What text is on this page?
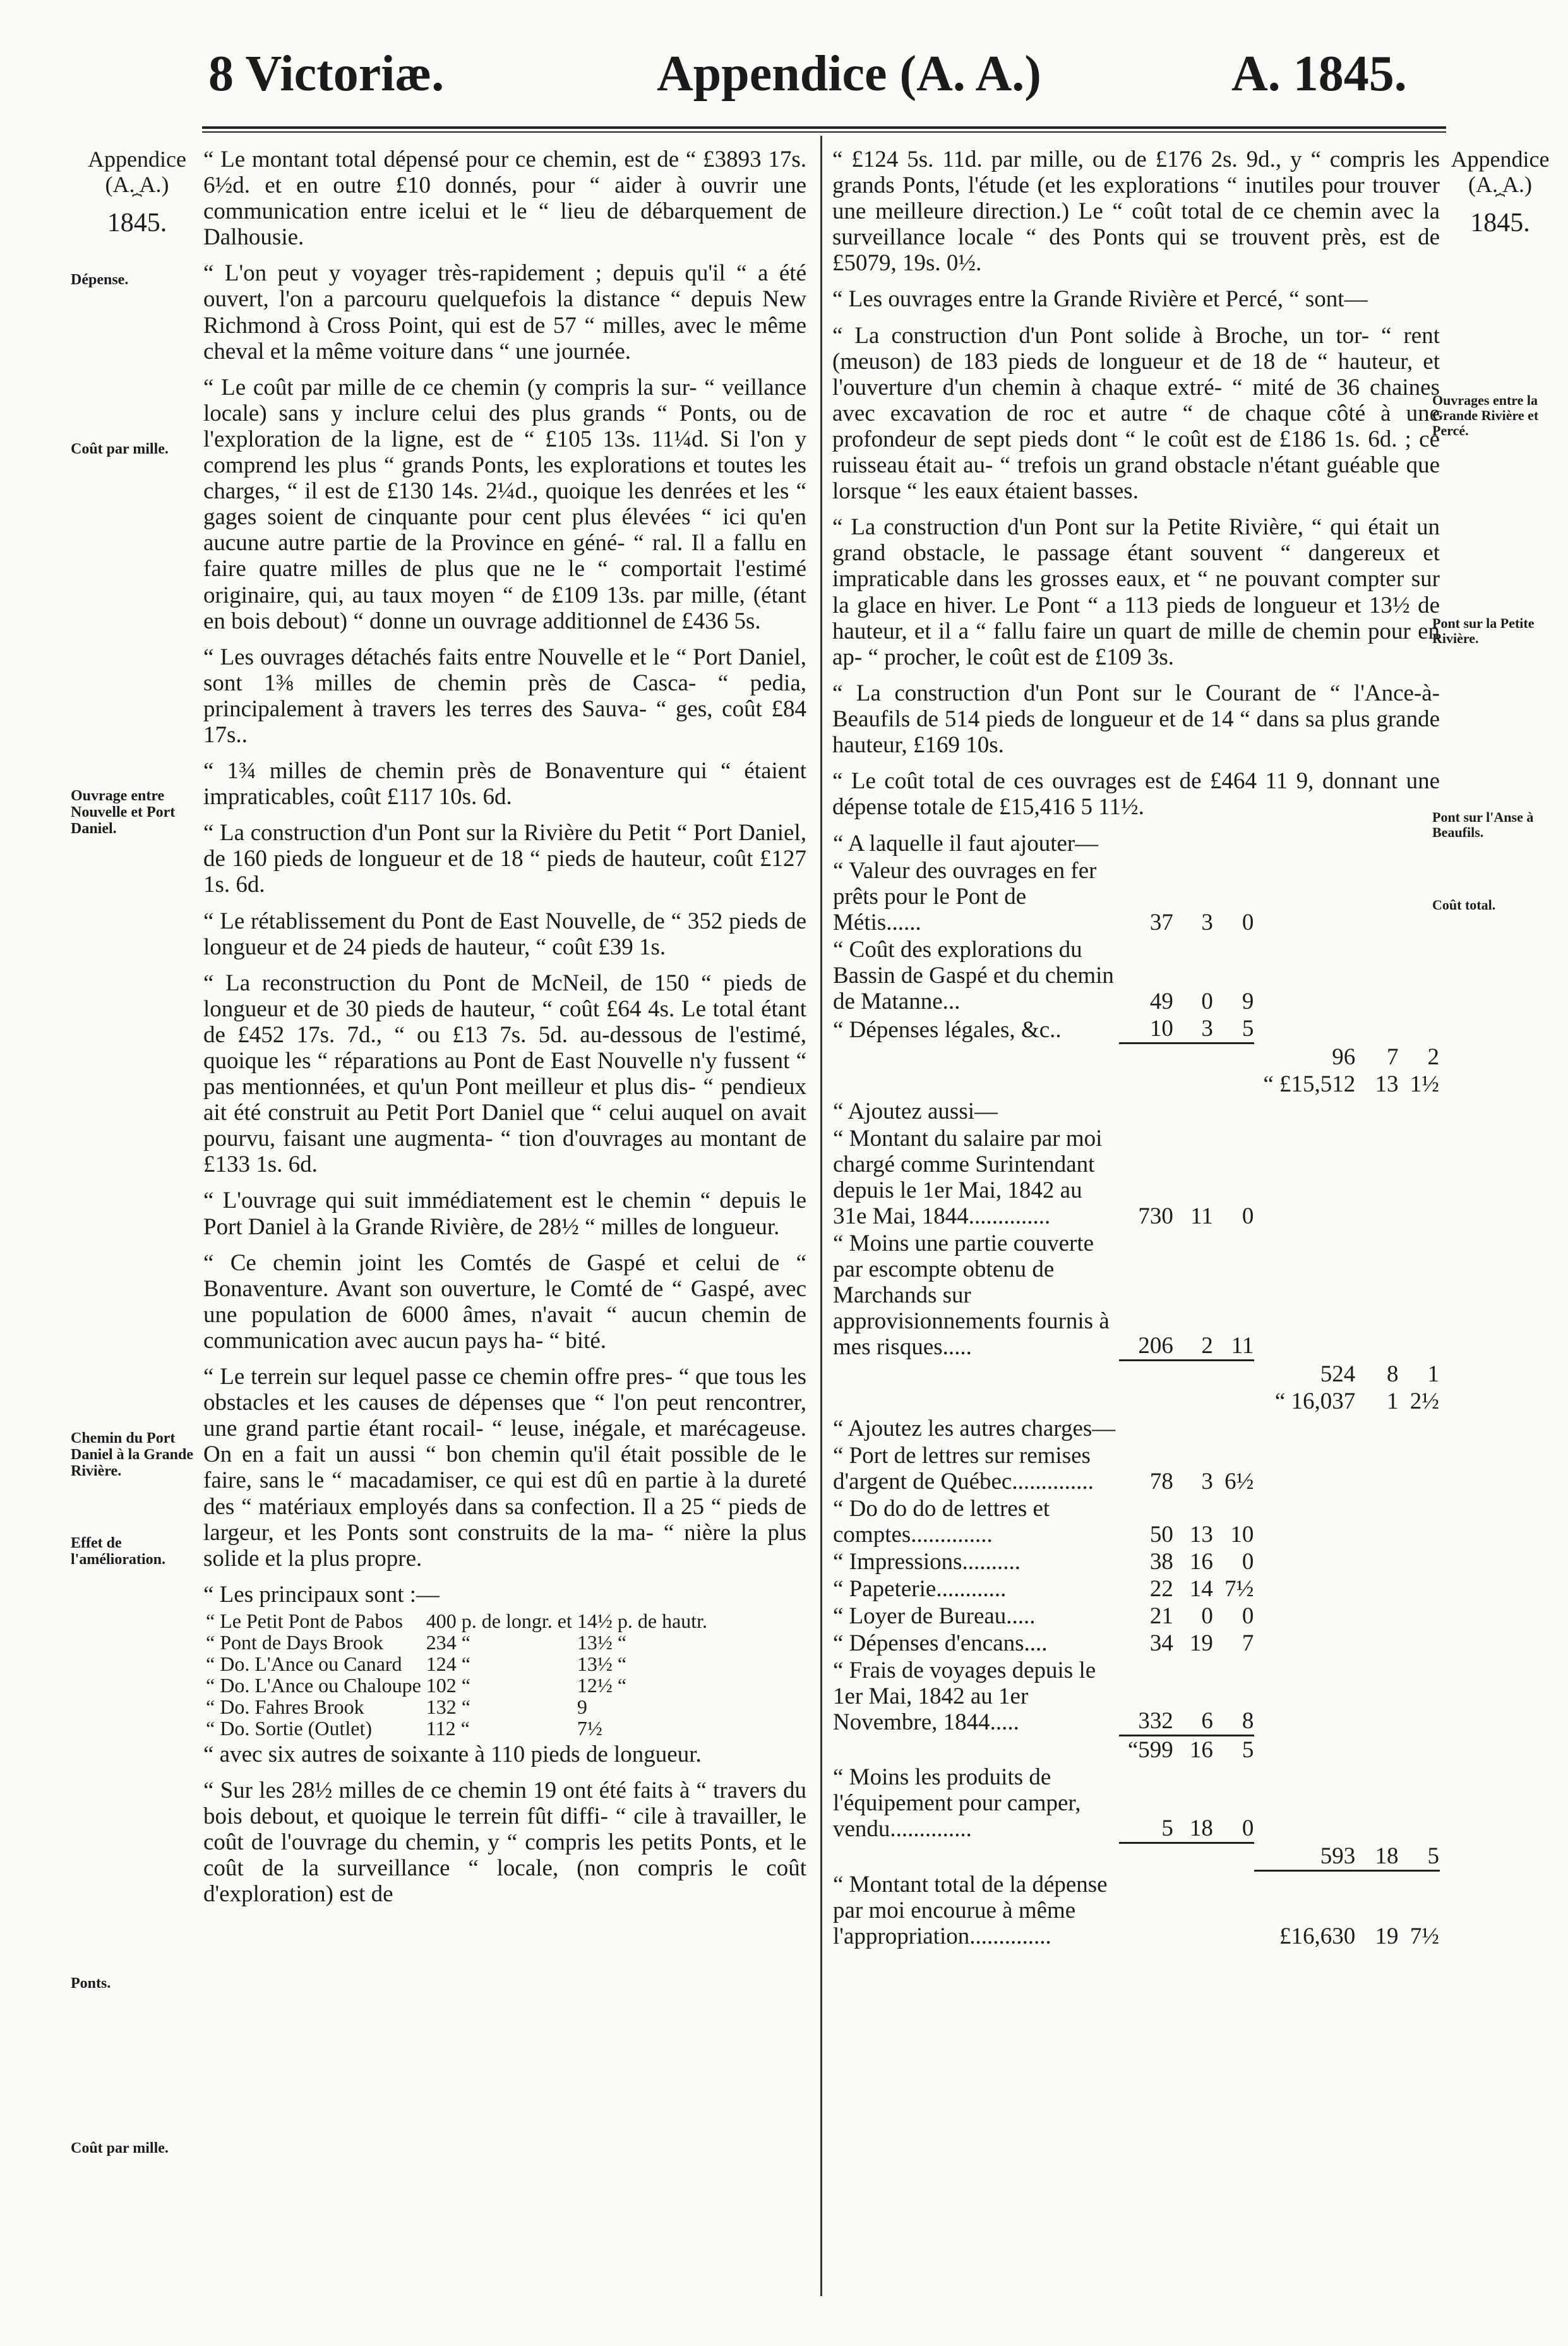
8 Victoriæ.	Appendice (A. A.)	A. 1845.
Appendice
(A. A.)
⏞
1845.
Dépense.
Coût par mille.
Ouvrage entre Nouvelle et Port Daniel.
Chemin du Port Daniel à la Grande Rivière.
Effet de l'amélioration.
Ponts.
Coût par mille.
Appendice
(A. A.)
⏞
1845.
Ouvrages entre la Grande Rivière et Percé.
Pont sur la Petite Rivière.
Pont sur l'Anse à Beaufils.
Coût total.

“ Le montant total dépensé pour ce chemin, est de “ £3893 17s. 6½d. et en outre £10 donnés, pour “ aider à ouvrir une communication entre icelui et le “ lieu de débarquement de Dalhousie.

“ L'on peut y voyager très-rapidement ; depuis qu'il “ a été ouvert, l'on a parcouru quelquefois la distance “ depuis New Richmond à Cross Point, qui est de 57 “ milles, avec le même cheval et la même voiture dans “ une journée.

“ Le coût par mille de ce chemin (y compris la sur- “ veillance locale) sans y inclure celui des plus grands “ Ponts, ou de l'exploration de la ligne, est de “ £105 13s. 11¼d. Si l'on y comprend les plus “ grands Ponts, les explorations et toutes les charges, “ il est de £130 14s. 2¼d., quoique les denrées et les “ gages soient de cinquante pour cent plus élevées “ ici qu'en aucune autre partie de la Province en géné- “ ral. Il a fallu en faire quatre milles de plus que ne le “ comportait l'estimé originaire, qui, au taux moyen “ de £109 13s. par mille, (étant en bois debout) “ donne un ouvrage additionnel de £436 5s.

“ Les ouvrages détachés faits entre Nouvelle et le “ Port Daniel, sont 1⅜ milles de chemin près de Casca- “ pedia, principalement à travers les terres des Sauva- “ ges, coût £84 17s..

“ 1¾ milles de chemin près de Bonaventure qui “ étaient impraticables, coût £117 10s. 6d.

“ La construction d'un Pont sur la Rivière du Petit “ Port Daniel, de 160 pieds de longueur et de 18 “ pieds de hauteur, coût £127 1s. 6d.

“ Le rétablissement du Pont de East Nouvelle, de “ 352 pieds de longueur et de 24 pieds de hauteur, “ coût £39 1s.

“ La reconstruction du Pont de McNeil, de 150 “ pieds de longueur et de 30 pieds de hauteur, “ coût £64 4s. Le total étant de £452 17s. 7d., “ ou £13 7s. 5d. au-dessous de l'estimé, quoique les “ réparations au Pont de East Nouvelle n'y fussent “ pas mentionnées, et qu'un Pont meilleur et plus dis- “ pendieux ait été construit au Petit Port Daniel que “ celui auquel on avait pourvu, faisant une augmenta- “ tion d'ouvrages au montant de £133 1s. 6d.

“ L'ouvrage qui suit immédiatement est le chemin “ depuis le Port Daniel à la Grande Rivière, de 28½ “ milles de longueur.

“ Ce chemin joint les Comtés de Gaspé et celui de “ Bonaventure. Avant son ouverture, le Comté de “ Gaspé, avec une population de 6000 âmes, n'avait “ aucun chemin de communication avec aucun pays ha- “ bité.

“ Le terrein sur lequel passe ce chemin offre pres- “ que tous les obstacles et les causes de dépenses que “ l'on peut rencontrer, une grand partie étant rocail- “ leuse, inégale, et marécageuse. On en a fait un aussi “ bon chemin qu'il était possible de le faire, sans le “ macadamiser, ce qui est dû en partie à la dureté des “ matériaux employés dans sa confection. Il a 25 “ pieds de largeur, et les Ponts sont construits de la ma- “ nière la plus solide et la plus propre.

“ Les principaux sont :—

“ Le Petit Pont de Pabos	400 p. de longr. et	14½ p. de hautr.
“ Pont de Days Brook	234 “	13½ “
“ Do. L'Ance ou Canard	124 “	13½ “
“ Do. L'Ance ou Chaloupe	102 “	12½ “
“ Do. Fahres Brook	132 “	9
“ Do. Sortie (Outlet)	112 “	7½

“ avec six autres de soixante à 110 pieds de longueur.

“ Sur les 28½ milles de ce chemin 19 ont été faits à “ travers du bois debout, et quoique le terrein fût diffi- “ cile à travailler, le coût de l'ouvrage du chemin, y “ compris les petits Ponts, et le coût de la surveillance “ locale, (non compris le coût d'exploration) est de

“ £124 5s. 11d. par mille, ou de £176 2s. 9d., y “ compris les grands Ponts, l'étude (et les explorations “ inutiles pour trouver une meilleure direction.) Le “ coût total de ce chemin avec la surveillance locale “ des Ponts qui se trouvent près, est de £5079, 19s. 0½.

“ Les ouvrages entre la Grande Rivière et Percé, “ sont—

“ La construction d'un Pont solide à Broche, un tor- “ rent (meuson) de 183 pieds de longueur et de 18 de “ hauteur, et l'ouverture d'un chemin à chaque extré- “ mité de 36 chaines avec excavation de roc et autre “ de chaque côté à une profondeur de sept pieds dont “ le coût est de £186 1s. 6d. ; ce ruisseau était au- “ trefois un grand obstacle n'étant guéable que lorsque “ les eaux étaient basses.

“ La construction d'un Pont sur la Petite Rivière, “ qui était un grand obstacle, le passage étant souvent “ dangereux et impraticable dans les grosses eaux, et “ ne pouvant compter sur la glace en hiver. Le Pont “ a 113 pieds de longueur et 13½ de hauteur, et il a “ fallu faire un quart de mille de chemin pour en ap- “ procher, le coût est de £109 3s.

“ La construction d'un Pont sur le Courant de “ l'Ance-à-Beaufils de 514 pieds de longueur et de 14 “ dans sa plus grande hauteur, £169 10s.

“ Le coût total de ces ouvrages est de £464 11 9, donnant une dépense totale de £15,416 5 11½.

“ A laquelle il faut ajouter—						
“ Valeur des ouvrages en fer prêts pour le Pont de Métis......	37	3	0			
“ Coût des explorations du Bassin de Gaspé et du chemin de Matanne...	49	0	9			
“ Dépenses légales, &c..	10	3	5			
				96	7	2
				“ £15,512	13	1½
“ Ajoutez aussi—						
“ Montant du salaire par moi chargé comme Surintendant depuis le 1er Mai, 1842 au 31e Mai, 1844..............	730	11	0			
“ Moins une partie couverte par escompte obtenu de Marchands sur approvisionnements fournis à mes risques.....	206	2	11			
				524	8	1
				“ 16,037	1	2½
“ Ajoutez les autres charges—						
“ Port de lettres sur remises d'argent de Québec..............	78	3	6½			
“ Do do do de lettres et comptes..............	50	13	10			
“ Impressions..........	38	16	0			
“ Papeterie............	22	14	7½			
“ Loyer de Bureau.....	21	0	0			
“ Dépenses d'encans....	34	19	7			
“ Frais de voyages depuis le 1er Mai, 1842 au 1er Novembre, 1844.....	332	6	8			
	“599	16	5			
“ Moins les produits de l'équipement pour camper, vendu..............	5	18	0			
				593	18	5
“ Montant total de la dépense par moi encourue à même l'appropriation..............				£16,630	19	7½
